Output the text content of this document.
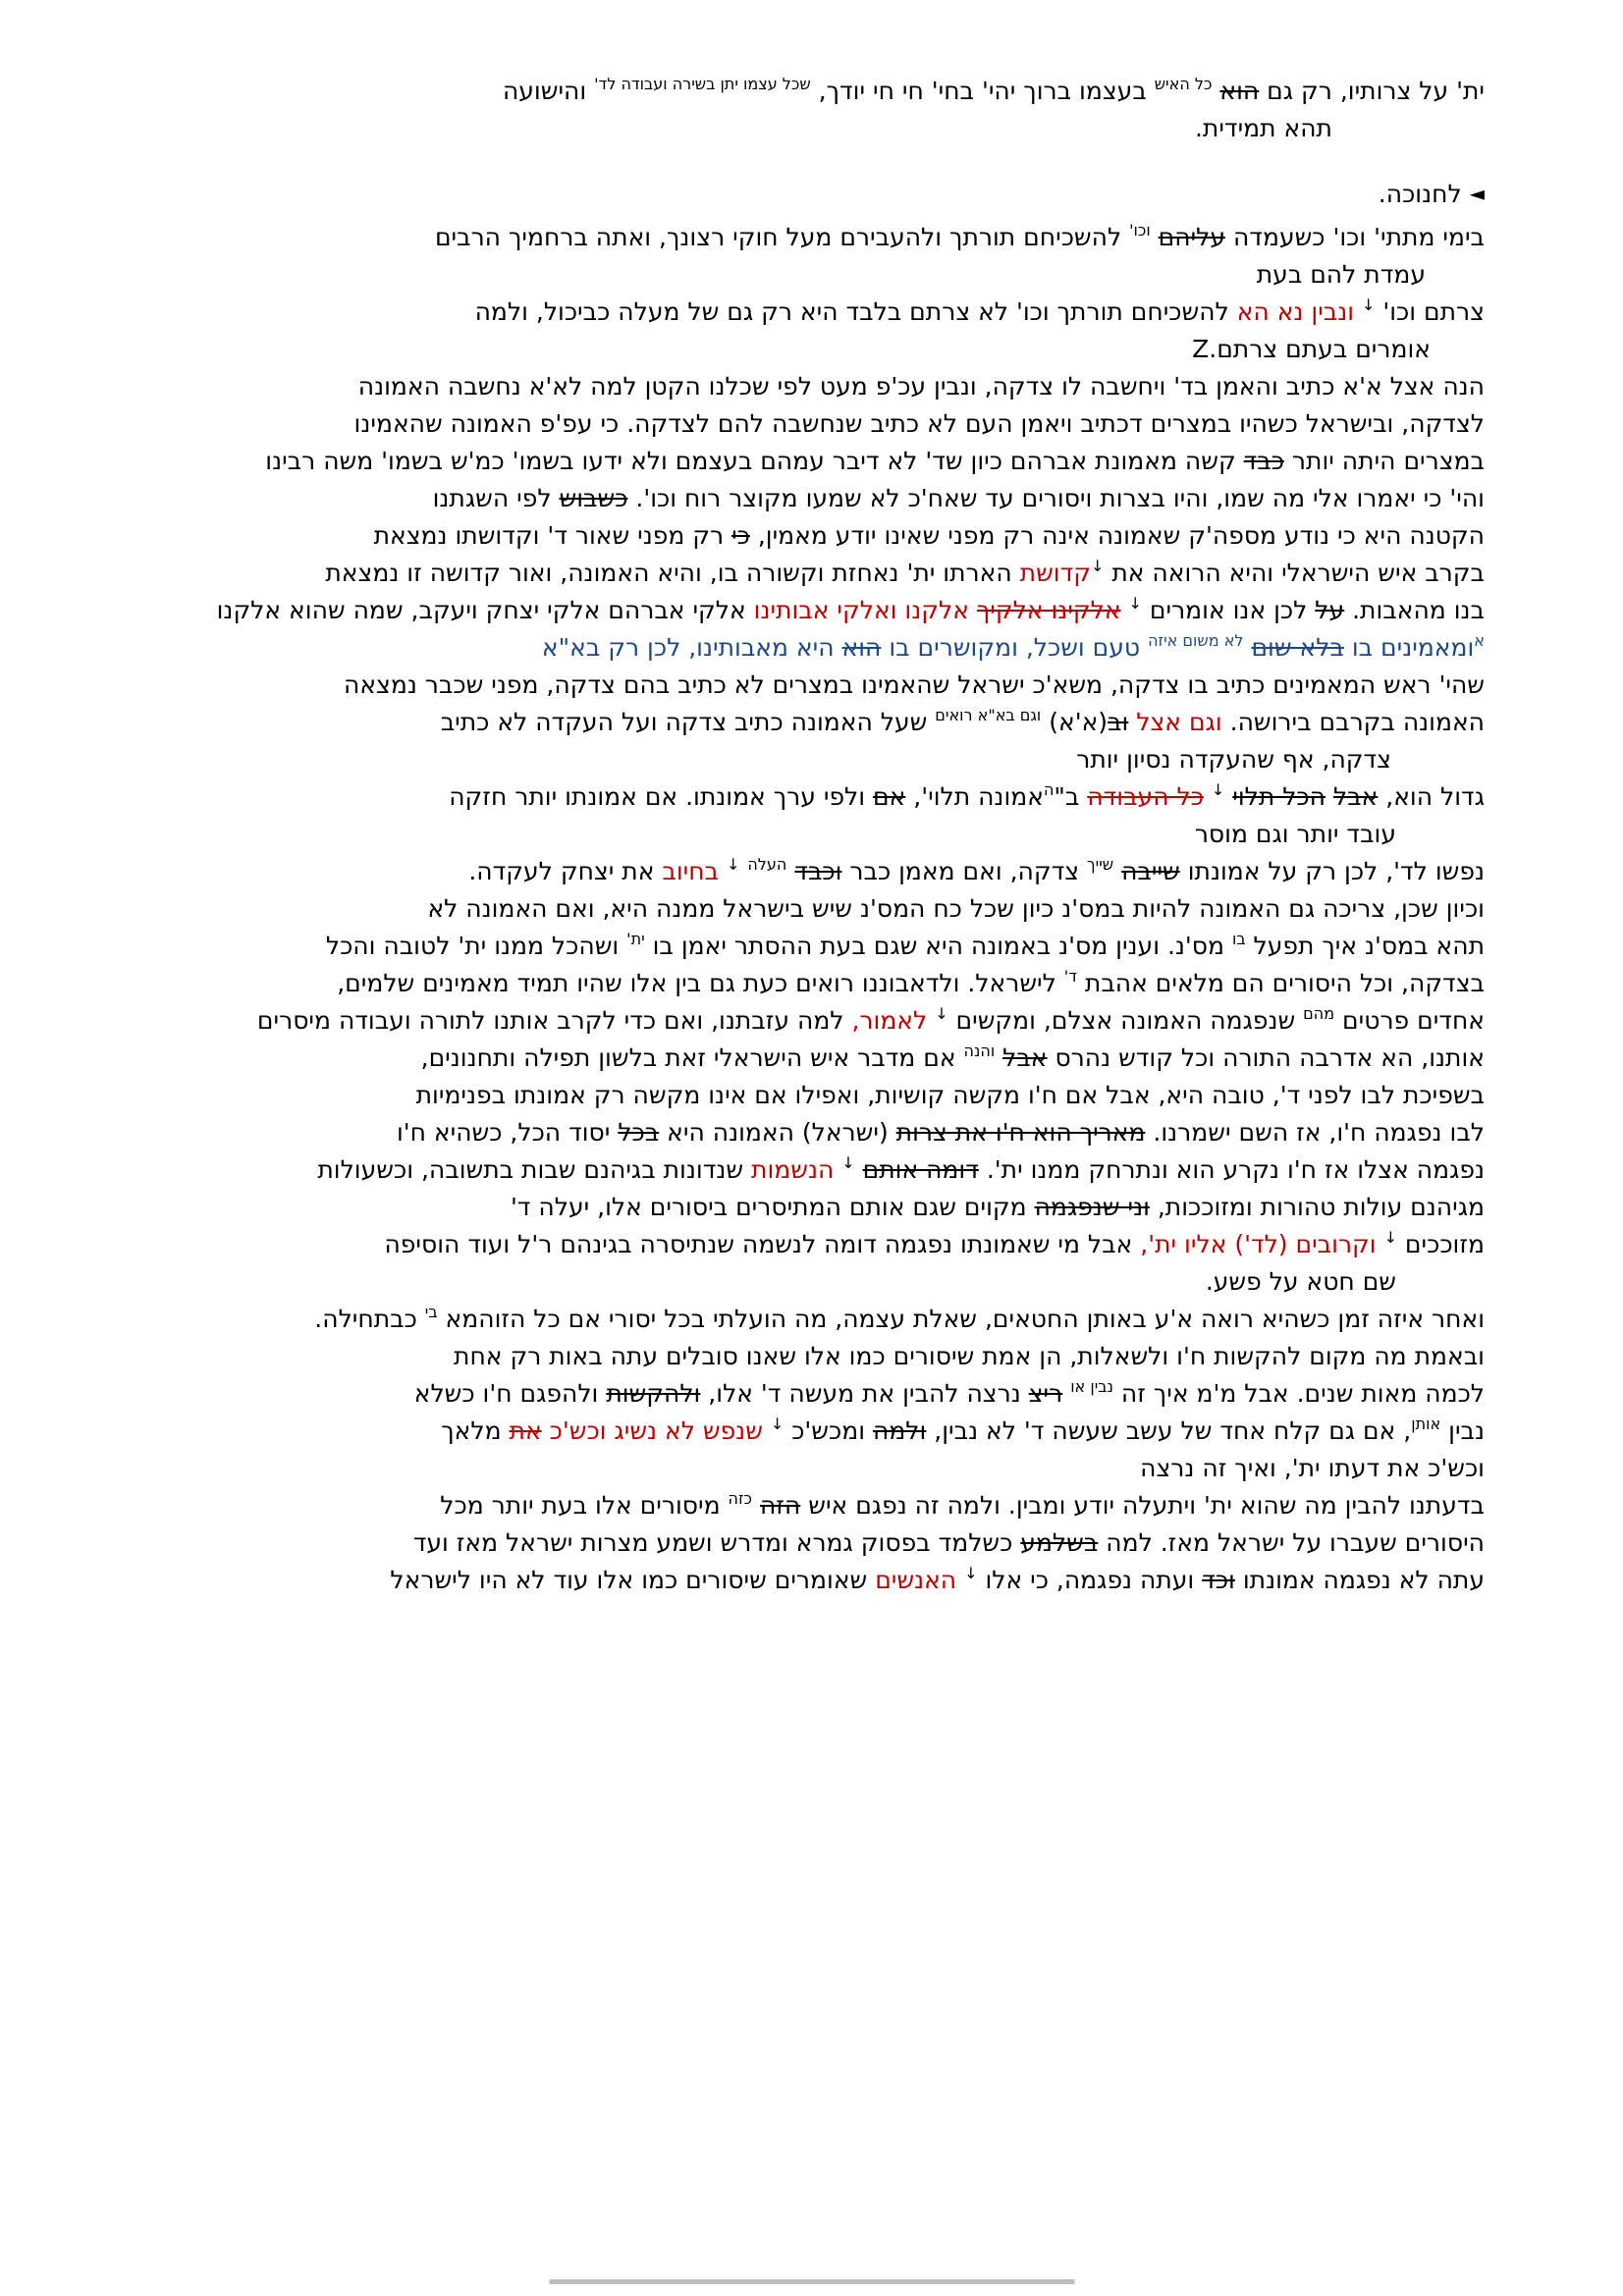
ית' על צרותיו, רק גם הוא $^{כל האיש}$ בעצמו ברוך יהי' בחי' חי חי יודך, $^{שכל עצמו יתן בשירה ועבודה לד'}$ והישועה

תהא תמידית.

◄ לחנוכה.

בימי מתתי' וכו' כשעמדה עליהם $^{וכו'}$ להשכיחם תורתך ולהעבירם מעל חוקי רצונך, ואתה ברחמיך הרבים

עמדת להם בעת

צרתם וכו' ↓ ונבין נא הא להשכיחם תורתך וכו' לא צרתם בלבד היא רק גם של מעלה כביכול, ולמה

אומרים בעתם צרתם.Z

הנה אצל א'א כתיב והאמן בד' ויחשבה לו צדקה, ונבין עכ'פ מעט לפי שכלנו הקטן למה לא'א נחשבה האמונה

לצדקה, ובישראל כשהיו במצרים דכתיב ויאמן העם לא כתיב שנחשבה להם לצדקה. כי עפ'פ האמונה שהאמינו

במצרים היתה יותר כבד קשה מאמונת אברהם כיון שד' לא דיבר עמהם בעצמם ולא ידעו בשמו' כמ'ש בשמו' משה רבינו

והי' כי יאמרו אלי מה שמו, והיו בצרות ויסורים עד שאח'כ לא שמעו מקוצר רוח וכו'. כשבוש לפי השגתנו

הקטנה היא כי נודע מספה'ק שאמונה אינה רק מפני שאינו יודע מאמין, כי רק מפני שאור ד' וקדושתו נמצאת

בקרב איש הישראלי והיא הרואה את ↓קדושת הארתו ית' נאחזת וקשורה בו, והיא האמונה, ואור קדושה זו נמצאת

בנו מהאבות. על לכן אנו אומרים ↓ אלקינו אלקיך אלקנו ואלקי אבותינו אלקי אברהם אלקי יצחק ויעקב, שמה שהוא אלקנו

$^א$ומאמינים בו בלא שום $^{לא משום איזה}$ טעם ושכל, ומקושרים בו הוא היא מאבותינו, לכן רק בא"א

שהי' ראש המאמינים כתיב בו צדקה, משא'כ ישראל שהאמינו במצרים לא כתיב בהם צדקה, מפני שכבר נמצאה

האמונה בקרבם בירושה. וגם אצל וב(א'א) $^{וגם בא"א רואים}$ שעל האמונה כתיב צדקה ועל העקדה לא כתיב

צדקה, אף שהעקדה נסיון יותר

גדול הוא, אבל הכל תלוי ↓ כל העבודה ב"$^ה$אמונה תלוי', אם ולפי ערך אמונתו. אם אמונתו יותר חזקה

עובד יותר וגם מוסר

נפשו לד', לכן רק על אמונתו שייבה $^{שייך}$ צדקה, ואם מאמן כבר וכבד $^{העלה}$ ↓ בחיוב את יצחק לעקדה.

וכיון שכן, צריכה גם האמונה להיות במס'נ כיון שכל כח המס'נ שיש בישראל ממנה היא, ואם האמונה לא

תהא במס'נ איך תפעל $^{בו}$ מס'נ. וענין מס'נ באמונה היא שגם בעת ההסתר יאמן בו $^{ית'}$ ושהכל ממנו ית' לטובה והכל

בצדקה, וכל היסורים הם מלאים אהבת $^{ד'}$ לישראל. ולדאבוננו רואים כעת גם בין אלו שהיו תמיד מאמינים שלמים,

אחדים פרטים $^{מהם}$ שנפגמה האמונה אצלם, ומקשים ↓ לאמור, למה עזבתנו, ואם כדי לקרב אותנו לתורה ועבודה מיסרים

אותנו, הא אדרבה התורה וכל קודש נהרס אבל $^{והנה}$ אם מדבר איש הישראלי זאת בלשון תפילה ותחנונים,

בשפיכת לבו לפני ד', טובה היא, אבל אם ח'ו מקשה קושיות, ואפילו אם אינו מקשה רק אמונתו בפנימיות

לבו נפגמה ח'ו, אז השם ישמרנו. מאריך הוא ח'ו את צרות (ישראל) האמונה היא בכל יסוד הכל, כשהיא ח'ו

נפגמה אצלו אז ח'ו נקרע הוא ונתרחק ממנו ית'. דומה אותם ↓ הנשמות שנדונות בגיהנם שבות בתשובה, וכשעולות

מגיהנם עולות טהורות ומזוככות, וני שנפגמה מקוים שגם אותם המתיסרים ביסורים אלו, יעלה ד'

מזוככים ↓ וקרובים (לד') אליו ית', אבל מי שאמונתו נפגמה דומה לנשמה שנתיסרה בגינהם ר'ל ועוד הוסיפה

שם חטא על פשע.

ואחר איזה זמן כשהיא רואה א'ע באותן החטאים, שאלת עצמה, מה הועלתי בכל יסורי אם כל הזוהמא $^{בי}$ כבתחילה.

ובאמת מה מקום להקשות ח'ו ולשאלות, הן אמת שיסורים כמו אלו שאנו סובלים עתה באות רק אחת

לכמה מאות שנים. אבל מ'מ איך זה $^{נבין או}$ ריצ נרצה להבין את מעשה ד' אלו, ולהקשות ולהפגם ח'ו כשלא

נבין $^{אותן}$, אם גם קלח אחד של עשב שעשה ד' לא נבין, ולמה ומכש'כ ↓ שנפש לא נשיג וכש'כ את מלאך

וכש'כ את דעתו ית', ואיך זה נרצה

בדעתנו להבין מה שהוא ית' ויתעלה יודע ומבין. ולמה זה נפגם איש הזה $^{כזה}$ מיסורים אלו בעת יותר מכל

היסורים שעברו על ישראל מאז. למה בשלמע כשלמד בפסוק גמרא ומדרש ושמע מצרות ישראל מאז ועד

עתה לא נפגמה אמונתו וכד ועתה נפגמה, כי אלו ↓ האנשים שאומרים שיסורים כמו אלו עוד לא היו לישראל
